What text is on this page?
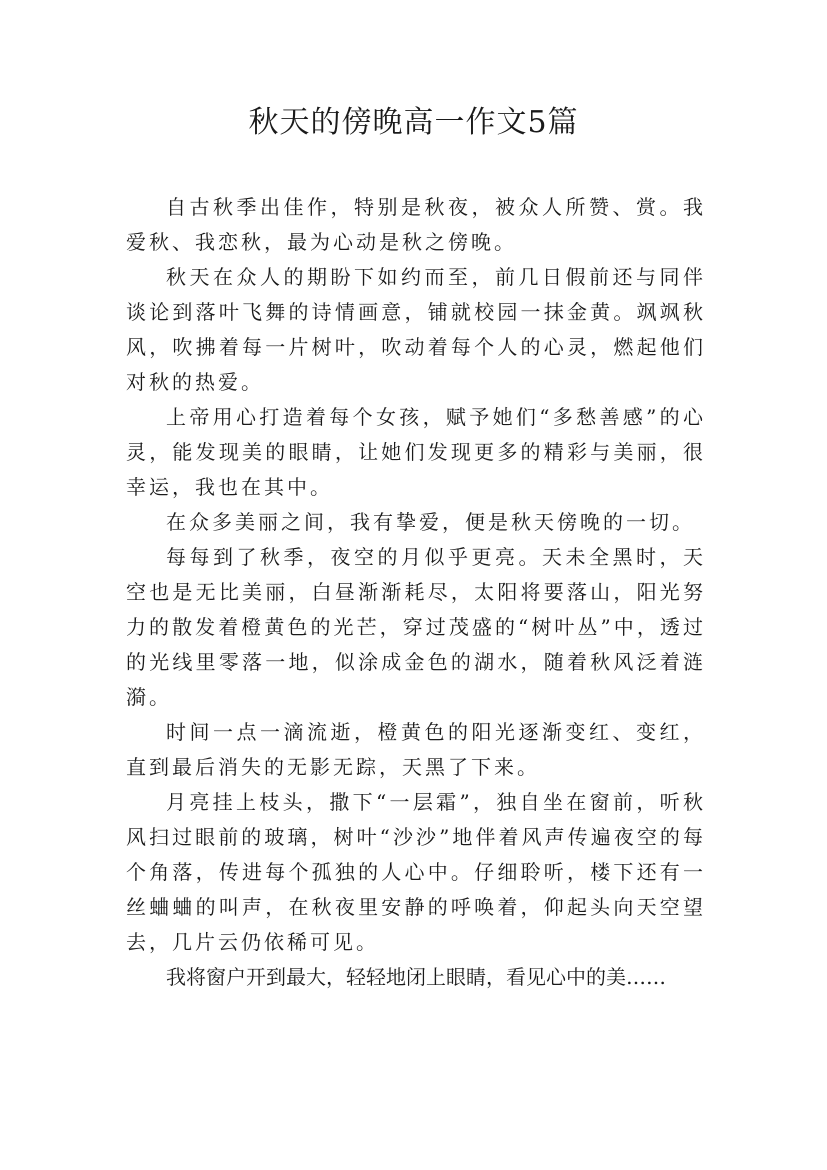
秋天的傍晚高一作文5篇

自古秋季出佳作，特别是秋夜，被众人所赞、赏。我爱秋、我恋秋，最为心动是秋之傍晚。

秋天在众人的期盼下如约而至，前几日假前还与同伴谈论到落叶飞舞的诗情画意，铺就校园一抹金黄。飒飒秋风，吹拂着每一片树叶，吹动着每个人的心灵，燃起他们对秋的热爱。

上帝用心打造着每个女孩，赋予她们“多愁善感”的心灵，能发现美的眼睛，让她们发现更多的精彩与美丽，很幸运，我也在其中。

在众多美丽之间，我有挚爱，便是秋天傍晚的一切。

每每到了秋季，夜空的月似乎更亮。天未全黑时，天空也是无比美丽，白昼渐渐耗尽，太阳将要落山，阳光努力的散发着橙黄色的光芒，穿过茂盛的“树叶丛”中，透过的光线里零落一地，似涂成金色的湖水，随着秋风泛着涟漪。

时间一点一滴流逝，橙黄色的阳光逐渐变红、变红，直到最后消失的无影无踪，天黑了下来。

月亮挂上枝头，撒下“一层霜”，独自坐在窗前，听秋风扫过眼前的玻璃，树叶“沙沙”地伴着风声传遍夜空的每个角落，传进每个孤独的人心中。仔细聆听，楼下还有一丝蛐蛐的叫声，在秋夜里安静的呼唤着，仰起头向天空望去，几片云仍依稀可见。

我将窗户开到最大，轻轻地闭上眼睛，看见心中的美……
